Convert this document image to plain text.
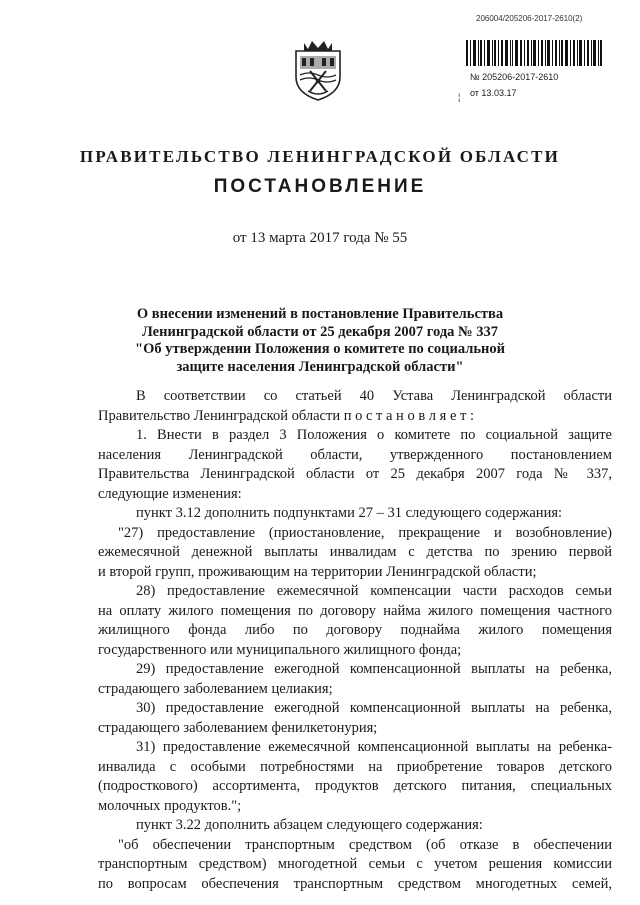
206004/205206-2017-2610(2)
№ 205206-2017-2610
¦ от 13.03.17
ПРАВИТЕЛЬСТВО ЛЕНИНГРАДСКОЙ ОБЛАСТИ
ПОСТАНОВЛЕНИЕ
от 13 марта 2017 года № 55
О внесении изменений в постановление Правительства
Ленинградской области от 25 декабря 2007 года № 337
"Об утверждении Положения о комитете по социальной
защите населения Ленинградской области"

В соответствии со статьей 40 Устава Ленинградской области

Правительство Ленинградской области п о с т а н о в л я е т :

1. Внести в раздел 3 Положения о комитете по социальной защите

населения Ленинградской области, утвержденного постановлением

Правительства Ленинградской области от 25 декабря 2007 года № 337,

следующие изменения:

пункт 3.12 дополнить подпунктами 27 – 31 следующего содержания:

"27) предоставление (приостановление, прекращение и возобновление)

ежемесячной денежной выплаты инвалидам с детства по зрению первой

и второй групп, проживающим на территории Ленинградской области;

28) предоставление ежемесячной компенсации части расходов семьи

на оплату жилого помещения по договору найма жилого помещения частного

жилищного фонда либо по договору поднайма жилого помещения

государственного или муниципального жилищного фонда;

29) предоставление ежегодной компенсационной выплаты на ребенка,

страдающего заболеванием целиакия;

30) предоставление ежегодной компенсационной выплаты на ребенка,

страдающего заболеванием фенилкетонурия;

31) предоставление ежемесячной компенсационной выплаты на ребенка-

инвалида с особыми потребностями на приобретение товаров детского

(подросткового) ассортимента, продуктов детского питания, специальных

молочных продуктов.";

пункт 3.22 дополнить абзацем следующего содержания:

"об обеспечении транспортным средством (об отказе в обеспечении

транспортным средством) многодетной семьи с учетом решения комиссии

по вопросам обеспечения транспортным средством многодетных семей,
